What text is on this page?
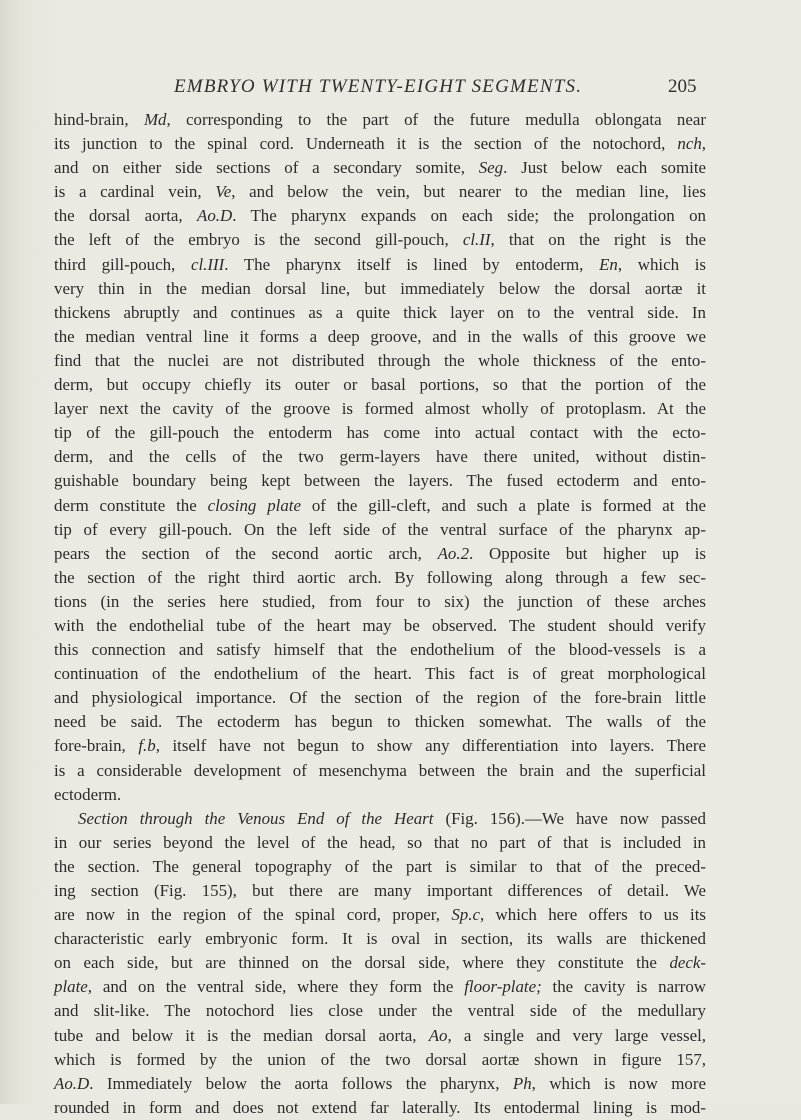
EMBRYO WITH TWENTY-EIGHT SEGMENTS.	205

hind-brain, Md, corresponding to the part of the future medulla oblongata near
its junction to the spinal cord. Underneath it is the section of the notochord, nch,
and on either side sections of a secondary somite, Seg. Just below each somite
is a cardinal vein, Ve, and below the vein, but nearer to the median line, lies
the dorsal aorta, Ao.D. The pharynx expands on each side; the prolongation on
the left of the embryo is the second gill-pouch, cl.II, that on the right is the
third gill-pouch, cl.III. The pharynx itself is lined by entoderm, En, which is
very thin in the median dorsal line, but immediately below the dorsal aortæ it
thickens abruptly and continues as a quite thick layer on to the ventral side. In
the median ventral line it forms a deep groove, and in the walls of this groove we
find that the nuclei are not distributed through the whole thickness of the ento-
derm, but occupy chiefly its outer or basal portions, so that the portion of the
layer next the cavity of the groove is formed almost wholly of protoplasm. At the
tip of the gill-pouch the entoderm has come into actual contact with the ecto-
derm, and the cells of the two germ-layers have there united, without distin-
guishable boundary being kept between the layers. The fused ectoderm and ento-
derm constitute the closing plate of the gill-cleft, and such a plate is formed at the
tip of every gill-pouch. On the left side of the ventral surface of the pharynx ap-
pears the section of the second aortic arch, Ao.2. Opposite but higher up is
the section of the right third aortic arch. By following along through a few sec-
tions (in the series here studied, from four to six) the junction of these arches
with the endothelial tube of the heart may be observed. The student should verify
this connection and satisfy himself that the endothelium of the blood-vessels is a
continuation of the endothelium of the heart. This fact is of great morphological
and physiological importance. Of the section of the region of the fore-brain little
need be said. The ectoderm has begun to thicken somewhat. The walls of the
fore-brain, f.b, itself have not begun to show any differentiation into layers. There
is a considerable development of mesenchyma between the brain and the superficial
ectoderm.

Section through the Venous End of the Heart (Fig. 156).—We have now passed
in our series beyond the level of the head, so that no part of that is included in
the section. The general topography of the part is similar to that of the preced-
ing section (Fig. 155), but there are many important differences of detail. We
are now in the region of the spinal cord, proper, Sp.c, which here offers to us its
characteristic early embryonic form. It is oval in section, its walls are thickened
on each side, but are thinned on the dorsal side, where they constitute the deck-
plate, and on the ventral side, where they form the floor-plate; the cavity is narrow
and slit-like. The notochord lies close under the ventral side of the medullary
tube and below it is the median dorsal aorta, Ao, a single and very large vessel,
which is formed by the union of the two dorsal aortæ shown in figure 157,
Ao.D. Immediately below the aorta follows the pharynx, Ph, which is now more
rounded in form and does not extend far laterally. Its entodermal lining is mod-
